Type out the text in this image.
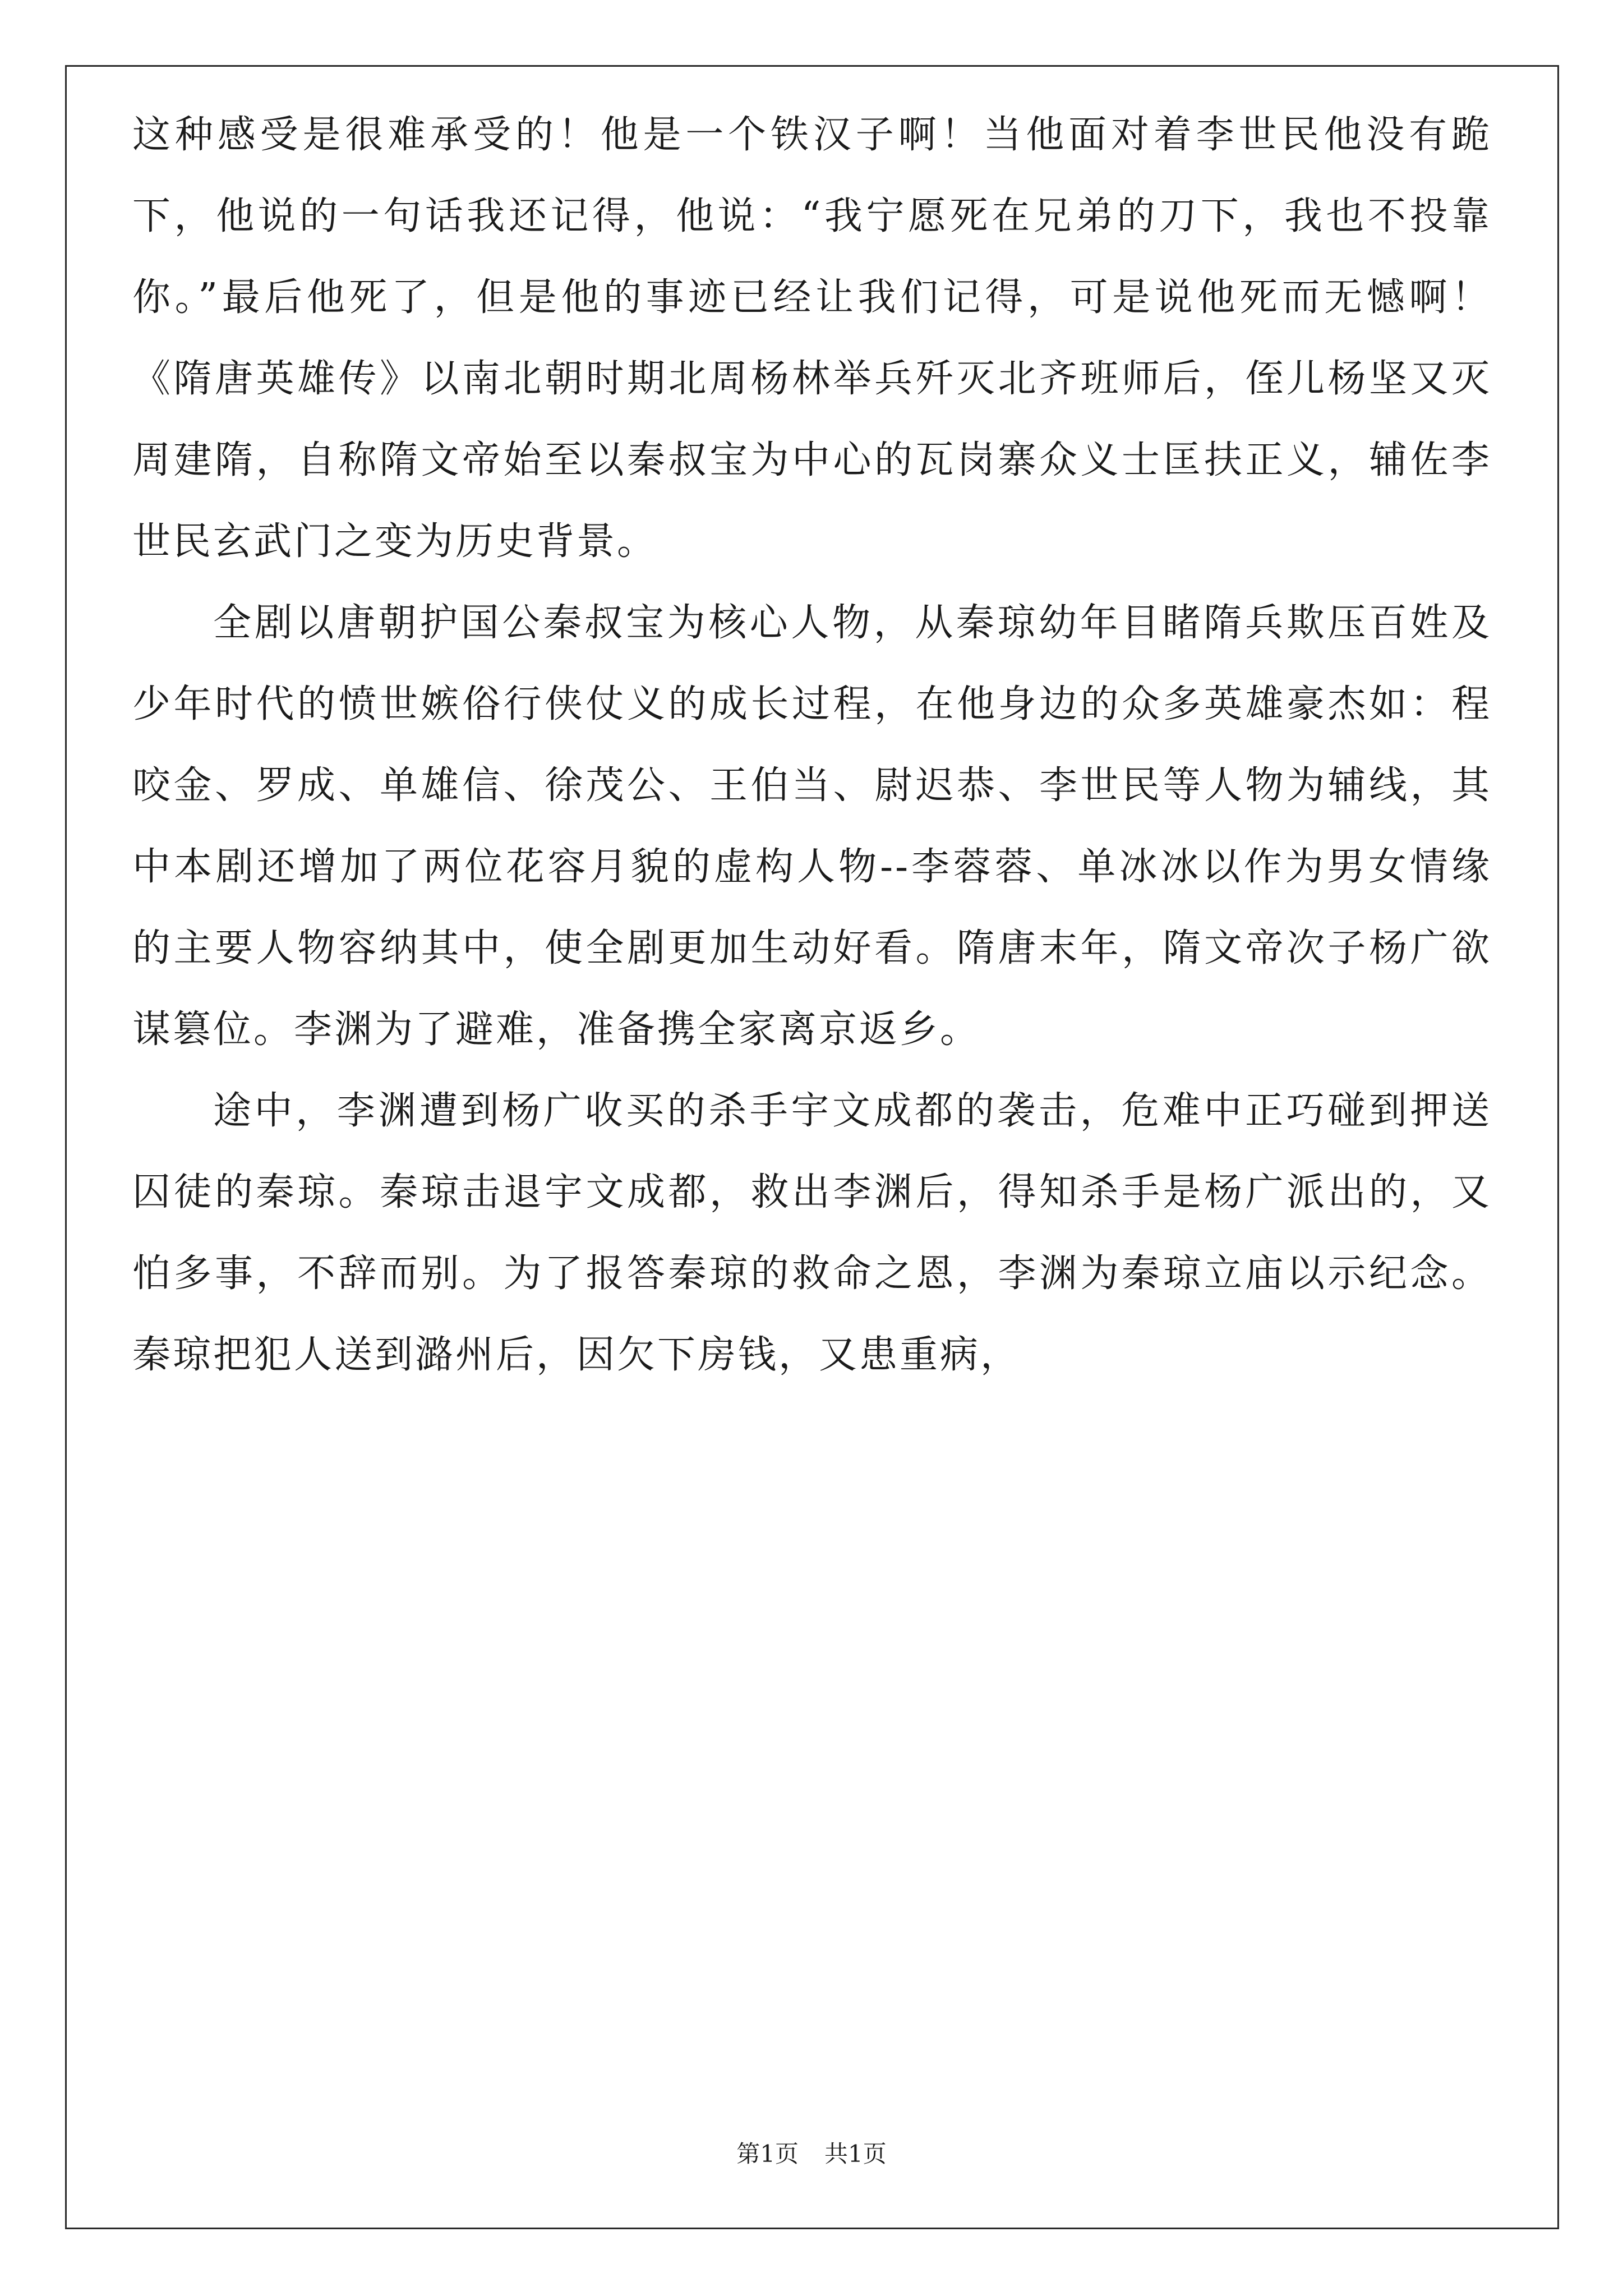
这种感受是很难承受的！他是一个铁汉子啊！当他面对着李世民他没有跪下，他说的一句话我还记得，他说：“我宁愿死在兄弟的刀下，我也不投靠你。”最后他死了，但是他的事迹已经让我们记得，可是说他死而无憾啊！《隋唐英雄传》以南北朝时期北周杨林举兵歼灭北齐班师后，侄儿杨坚又灭周建隋，自称隋文帝始至以秦叔宝为中心的瓦岗寨众义士匡扶正义，辅佐李世民玄武门之变为历史背景。

全剧以唐朝护国公秦叔宝为核心人物，从秦琼幼年目睹隋兵欺压百姓及少年时代的愤世嫉俗行侠仗义的成长过程，在他身边的众多英雄豪杰如：程咬金、罗成、单雄信、徐茂公、王伯当、尉迟恭、李世民等人物为辅线，其中本剧还增加了两位花容月貌的虚构人物--李蓉蓉、单冰冰以作为男女情缘的主要人物容纳其中，使全剧更加生动好看。隋唐末年，隋文帝次子杨广欲谋篡位。李渊为了避难，准备携全家离京返乡。

途中，李渊遭到杨广收买的杀手宇文成都的袭击，危难中正巧碰到押送囚徒的秦琼。秦琼击退宇文成都，救出李渊后，得知杀手是杨广派出的，又怕多事，不辞而别。为了报答秦琼的救命之恩，李渊为秦琼立庙以示纪念。秦琼把犯人送到潞州后，因欠下房钱，又患重病，

第1页 共1页
